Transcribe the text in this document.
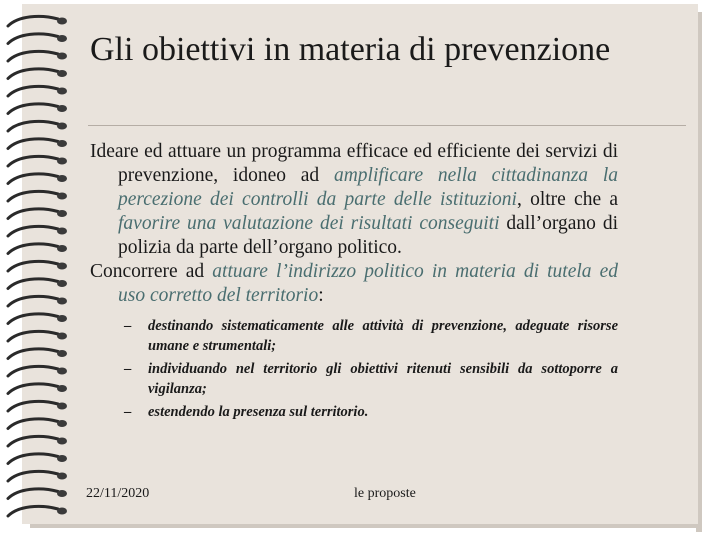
Gli obiettivi in materia di prevenzione

Ideare ed attuare un programma efficace ed efficiente dei servizi di prevenzione, idoneo ad amplificare nella cittadinanza la percezione dei controlli da parte delle istituzioni, oltre che a favorire una valutazione dei risultati conseguiti dall’organo di polizia da parte dell’organo politico.

Concorrere ad attuare l’indirizzo politico in materia di tutela ed uso corretto del territorio:

– destinando sistematicamente alle attività di prevenzione, adeguate risorse umane e strumentali;
– individuando nel territorio gli obiettivi ritenuti sensibili da sottoporre a vigilanza;
– estendendo la presenza sul territorio.
22/11/2020	le proposte
